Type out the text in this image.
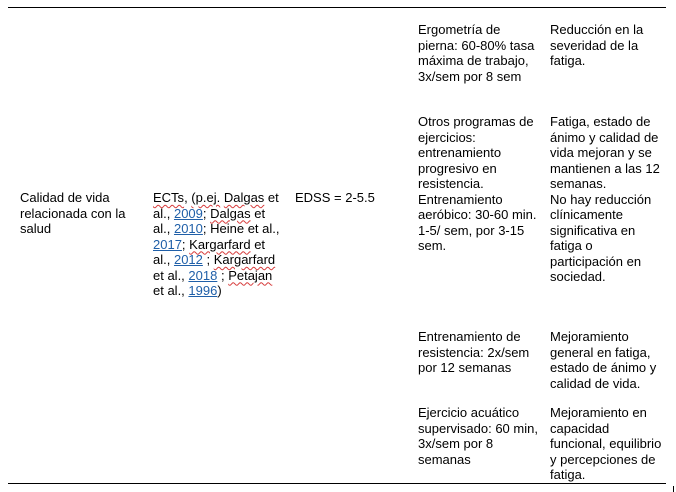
Calidad de vida relacionada con la salud
ECTs, (p.ej. Dalgas et al., 2009; Dalgas et al., 2010; Heine et al., 2017; Kargarfard et al., 2012 ; Kargarfard et al., 2018 ; Petajan et al., 1996)
EDSS = 2-5.5
Ergometría de pierna: 60-80% tasa máxima de trabajo, 3x/sem por 8 sem
Reducción en la severidad de la fatiga.
Otros programas de ejercicios: entrenamiento progresivo en resistencia. Entrenamiento aeróbico: 30-60 min. 1-5/ sem, por 3-15 sem.
Fatiga, estado de ánimo y calidad de vida mejoran y se mantienen a las 12 semanas.
No hay reducción clínicamente significativa en fatiga o participación en sociedad.
Entrenamiento de resistencia: 2x/sem por 12 semanas
Mejoramiento general en fatiga, estado de ánimo y calidad de vida.
Ejercicio acuático supervisado: 60 min, 3x/sem por 8 semanas
Mejoramiento en capacidad funcional, equilibrio y percepciones de fatiga.
